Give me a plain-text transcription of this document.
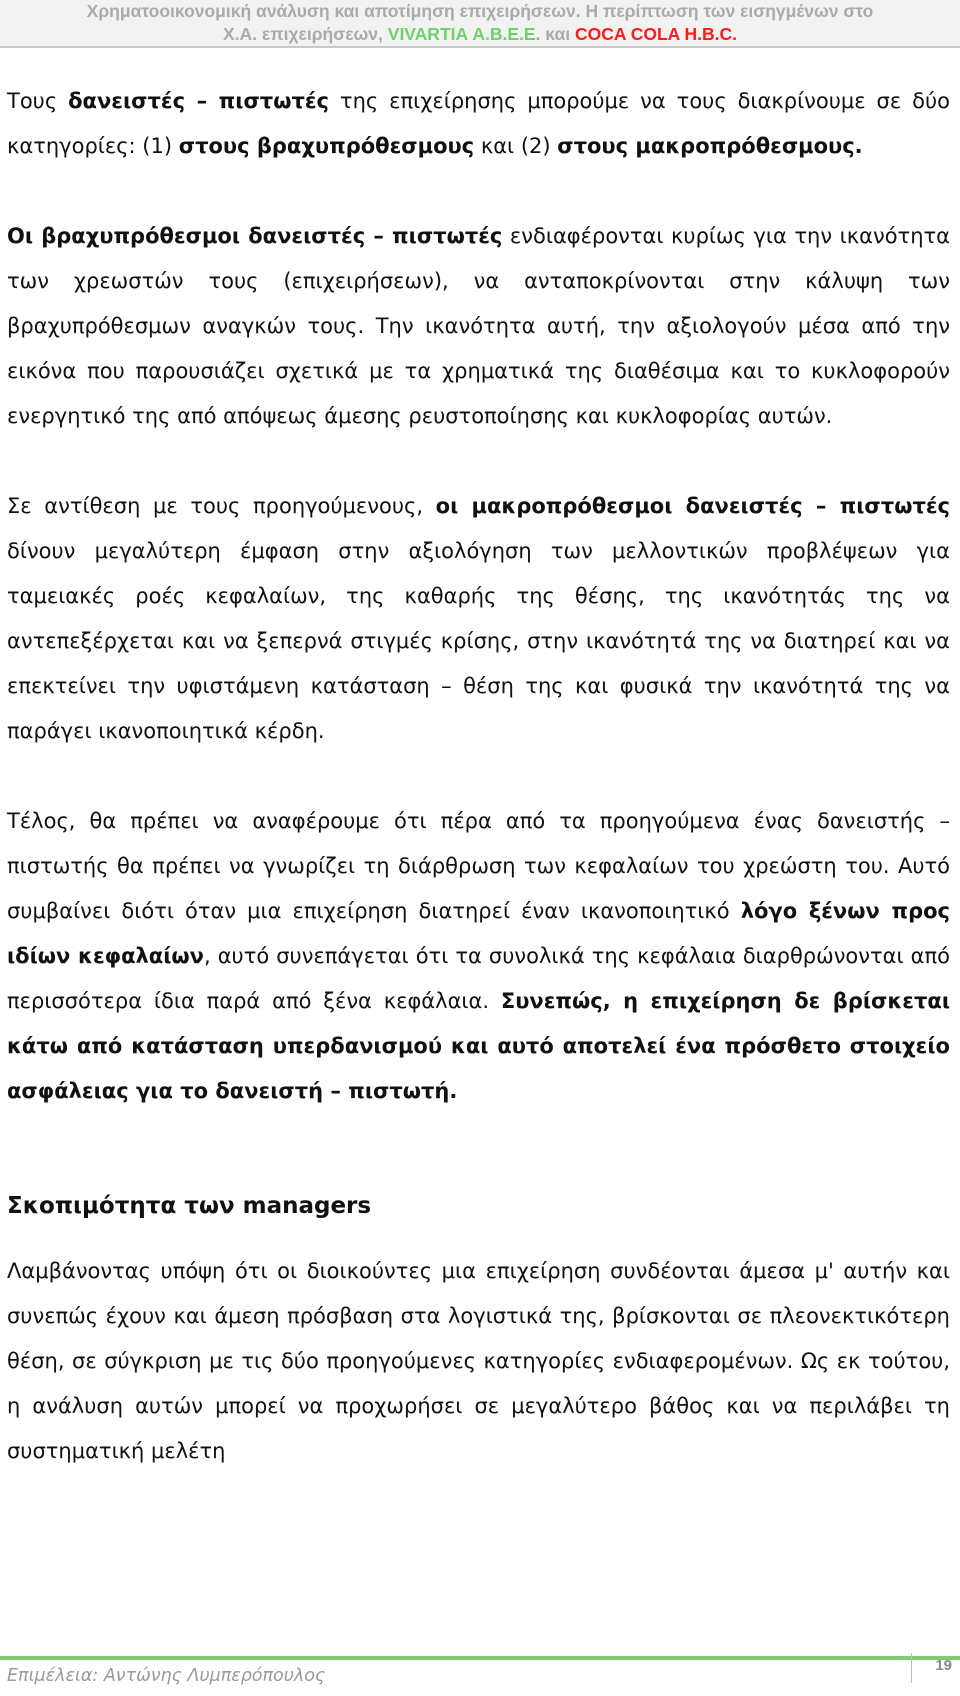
Χρηματοοικονομική ανάλυση και αποτίμηση επιχειρήσεων. Η περίπτωση των εισηγμένων στο
Χ.Α. επιχειρήσεων, VIVARTIA Α.Β.Ε.Ε. και COCA COLA H.B.C.

Τους δανειστές – πιστωτές της επιχείρησης μπορούμε να τους διακρίνουμε σε δύο κατηγορίες: (1) στους βραχυπρόθεσμους και (2) στους μακροπρόθεσμους.

Οι βραχυπρόθεσμοι δανειστές – πιστωτές ενδιαφέρονται κυρίως για την ικανότητα των χρεωστών τους (επιχειρήσεων), να ανταποκρίνονται στην κάλυψη των βραχυπρόθεσμων αναγκών τους. Την ικανότητα αυτή, την αξιολογούν μέσα από την εικόνα που παρουσιάζει σχετικά με τα χρηματικά της διαθέσιμα και το κυκλοφορούν ενεργητικό της από απόψεως άμεσης ρευστοποίησης και κυκλοφορίας αυτών.

Σε αντίθεση με τους προηγούμενους, οι μακροπρόθεσμοι δανειστές – πιστωτές δίνουν μεγαλύτερη έμφαση στην αξιολόγηση των μελλοντικών προβλέψεων για ταμειακές ροές κεφαλαίων, της καθαρής της θέσης, της ικανότητάς της να αντεπεξέρχεται και να ξεπερνά στιγμές κρίσης, στην ικανότητά της να διατηρεί και να επεκτείνει την υφιστάμενη κατάσταση – θέση της και φυσικά την ικανότητά της να παράγει ικανοποιητικά κέρδη.

Τέλος, θα πρέπει να αναφέρουμε ότι πέρα από τα προηγούμενα ένας δανειστής – πιστωτής θα πρέπει να γνωρίζει τη διάρθρωση των κεφαλαίων του χρεώστη του. Αυτό συμβαίνει διότι όταν μια επιχείρηση διατηρεί έναν ικανοποιητικό λόγο ξένων προς ιδίων κεφαλαίων, αυτό συνεπάγεται ότι τα συνολικά της κεφάλαια διαρθρώνονται από περισσότερα ίδια παρά από ξένα κεφάλαια. Συνεπώς, η επιχείρηση δε βρίσκεται κάτω από κατάσταση υπερδανισμού και αυτό αποτελεί ένα πρόσθετο στοιχείο ασφάλειας για το δανειστή – πιστωτή.

Σκοπιμότητα των managers

Λαμβάνοντας υπόψη ότι οι διοικούντες μια επιχείρηση συνδέονται άμεσα μ' αυτήν και συνεπώς έχουν και άμεση πρόσβαση στα λογιστικά της, βρίσκονται σε πλεονεκτικότερη θέση, σε σύγκριση με τις δύο προηγούμενες κατηγορίες ενδιαφερομένων. Ως εκ τούτου, η ανάλυση αυτών μπορεί να προχωρήσει σε μεγαλύτερο βάθος και να περιλάβει τη συστηματική μελέτη

Επιμέλεια: Αντώνης Λυμπερόπουλος
19
